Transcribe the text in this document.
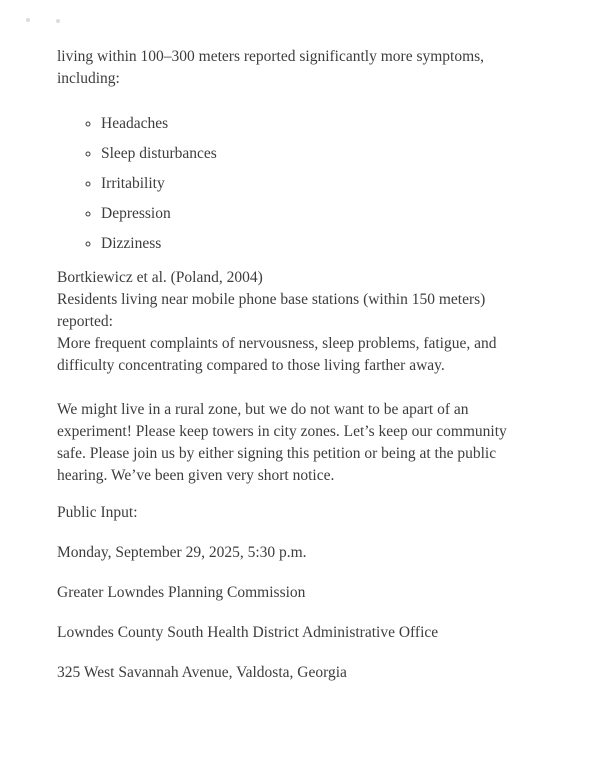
living within 100–300 meters reported significantly more symptoms, including:

◦ Headaches
◦ Sleep disturbances
◦ Irritability
◦ Depression
◦ Dizziness

Bortkiewicz et al. (Poland, 2004)
Residents living near mobile phone base stations (within 150 meters) reported:
More frequent complaints of nervousness, sleep problems, fatigue, and difficulty concentrating compared to those living farther away.

We might live in a rural zone, but we do not want to be apart of an experiment! Please keep towers in city zones. Let’s keep our community safe. Please join us by either signing this petition or being at the public hearing. We’ve been given very short notice.

Public Input:

Monday, September 29, 2025, 5:30 p.m.

Greater Lowndes Planning Commission

Lowndes County South Health District Administrative Office

325 West Savannah Avenue, Valdosta, Georgia
